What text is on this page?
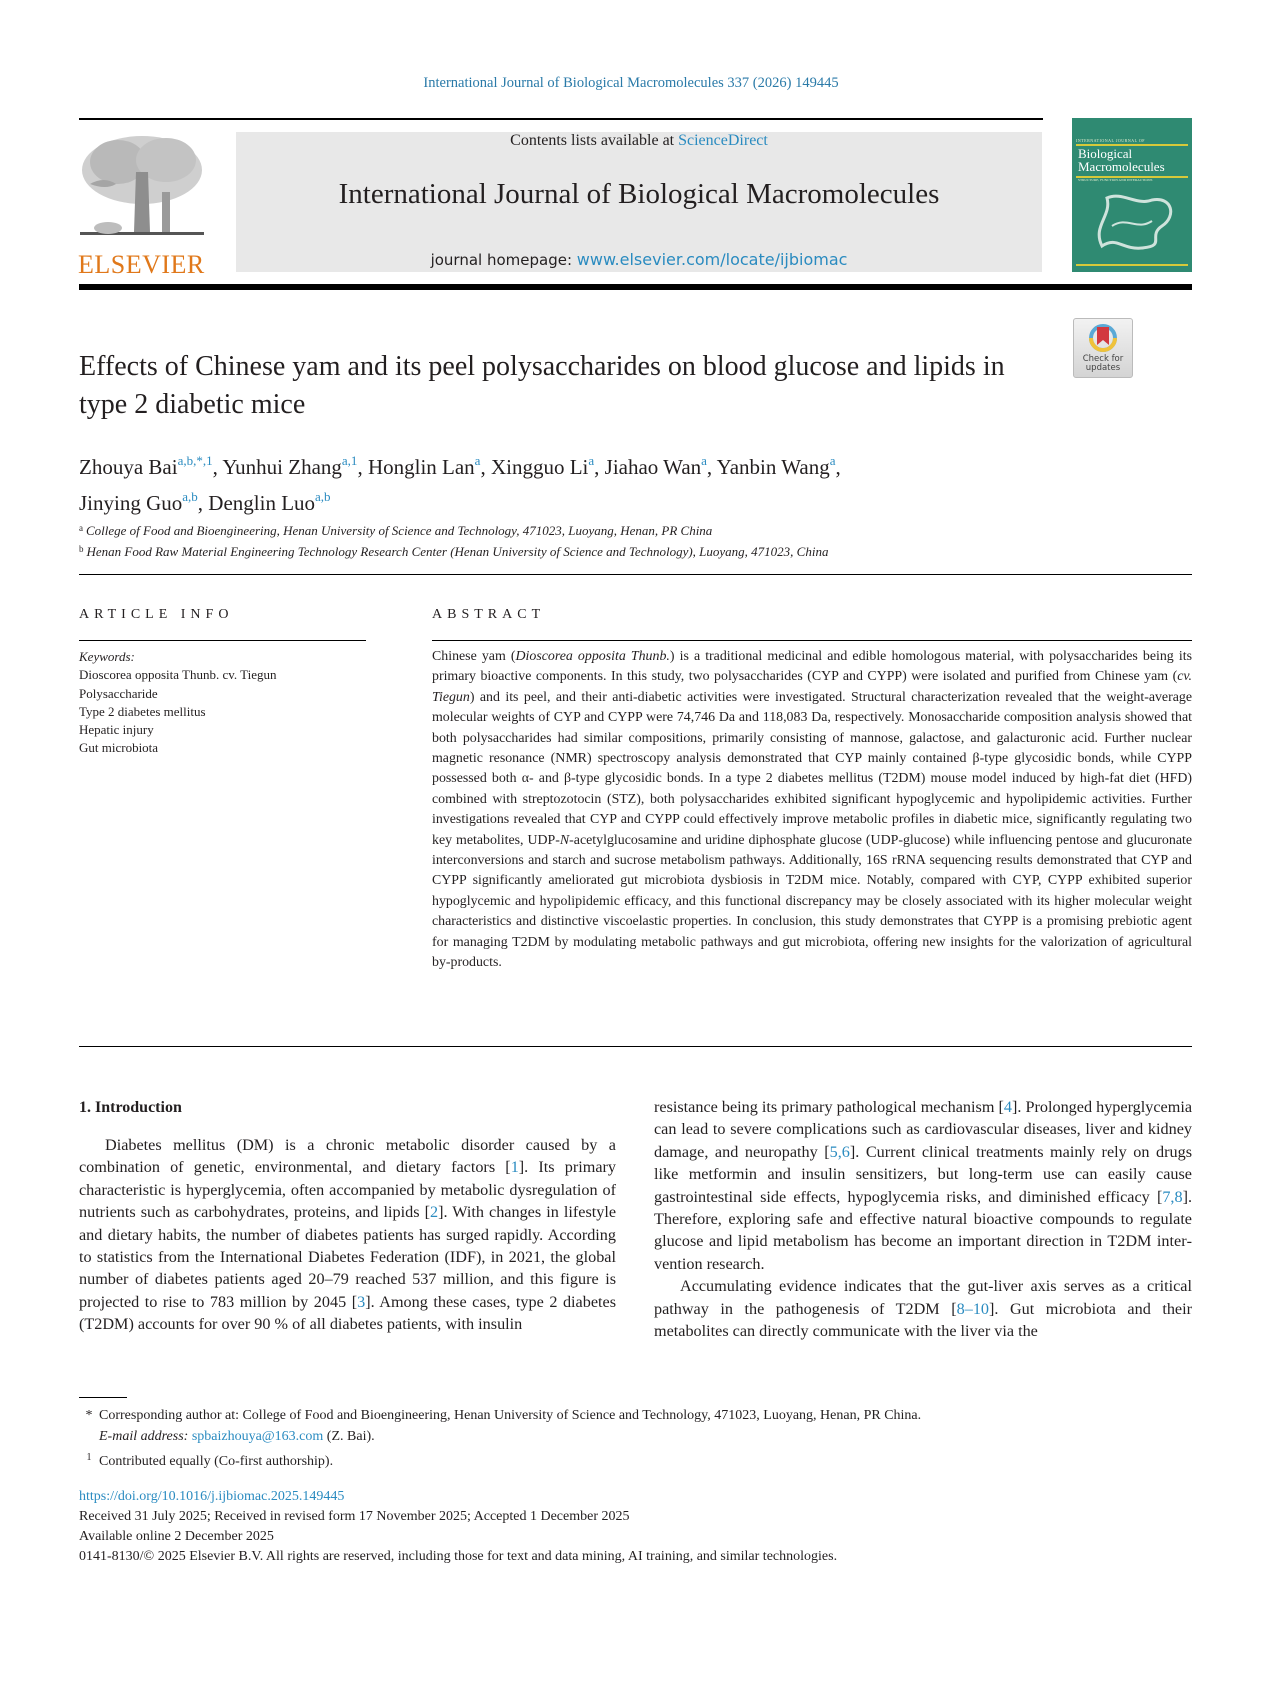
International Journal of Biological Macromolecules 337 (2026) 149445
ELSEVIER
Contents lists available at ScienceDirect
International Journal of Biological Macromolecules
journal homepage: www.elsevier.com/locate/ijbiomac
INTERNATIONAL JOURNAL OF
Biological
Macromolecules
STRUCTURE, FUNCTION AND INTERACTIONS
Effects of Chinese yam and its peel polysaccharides on blood glucose and lipids in type 2 diabetic mice
Check for
updates
Zhouya Bai$^{a,b,*,1}$, Yunhui Zhang$^{a,1}$, Honglin Lan$^a$, Xingguo Li$^a$, Jiahao Wan$^a$, Yanbin Wang$^a$,
Jinying Guo$^{a,b}$, Denglin Luo$^{a,b}$
$^a$ College of Food and Bioengineering, Henan University of Science and Technology, 471023, Luoyang, Henan, PR China
$^b$ Henan Food Raw Material Engineering Technology Research Center (Henan University of Science and Technology), Luoyang, 471023, China
ARTICLE INFO	ABSTRACT
Keywords:
Dioscorea opposita Thunb. cv. Tiegun
Polysaccharide
Type 2 diabetes mellitus
Hepatic injury
Gut microbiota
Chinese yam (Dioscorea opposita Thunb.) is a traditional medicinal and edible homologous material, with polysaccharides being its primary bioactive components. In this study, two polysaccharides (CYP and CYPP) were isolated and purified from Chinese yam (cv. Tiegun) and its peel, and their anti-diabetic activities were investigated. Structural characterization revealed that the weight-average molecular weights of CYP and CYPP were 74,746 Da and 118,083 Da, respectively. Monosaccharide composition analysis showed that both polysaccharides had similar compositions, primarily consisting of mannose, galactose, and galacturonic acid. Further nuclear magnetic resonance (NMR) spectroscopy analysis demonstrated that CYP mainly contained β-type glycosidic bonds, while CYPP possessed both α- and β-type glycosidic bonds. In a type 2 diabetes mellitus (T2DM) mouse model induced by high-fat diet (HFD) combined with streptozotocin (STZ), both polysaccharides exhibited significant hypoglycemic and hypolipidemic activities. Further investigations revealed that CYP and CYPP could effectively improve metabolic profiles in diabetic mice, significantly regulating two key metabolites, UDP-N-acetylglucosamine and uridine diphosphate glucose (UDP-glucose) while influencing pentose and glucuronate interconversions and starch and sucrose metabolism pathways. Additionally, 16S rRNA sequencing results demonstrated that CYP and CYPP significantly ameliorated gut microbiota dysbiosis in T2DM mice. Notably, compared with CYP, CYPP exhibited superior hypoglycemic and hypolipidemic efficacy, and this functional discrepancy may be closely associated with its higher molecular weight characteristics and distinctive viscoelastic properties. In conclusion, this study demonstrates that CYPP is a promising prebiotic agent for managing T2DM by modulating metabolic pathways and gut microbiota, offering new insights for the valorization of agricultural by-products.
1. Introduction

Diabetes mellitus (DM) is a chronic metabolic disorder caused by a combination of genetic, environmental, and dietary factors [1]. Its primary characteristic is hyperglycemia, often accompanied by metabolic dysregulation of nutrients such as carbohydrates, proteins, and lipids [2]. With changes in lifestyle and dietary habits, the number of diabetes patients has surged rapidly. According to statistics from the International Diabetes Federation (IDF), in 2021, the global number of diabetes patients aged 20–79 reached 537 million, and this figure is projected to rise to 783 million by 2045 [3]. Among these cases, type 2 diabetes (T2DM) accounts for over 90 % of all diabetes patients, with insulin

resistance being its primary pathological mechanism [4]. Prolonged hyperglycemia can lead to severe complications such as cardiovascular diseases, liver and kidney damage, and neuropathy [5,6]. Current clinical treatments mainly rely on drugs like metformin and insulin sensitizers, but long-term use can easily cause gastrointestinal side effects, hypoglycemia risks, and diminished efficacy [7,8]. Therefore, exploring safe and effective natural bioactive compounds to regulate glucose and lipid metabolism has become an important direction in T2DM intervention research.

Accumulating evidence indicates that the gut-liver axis serves as a critical pathway in the pathogenesis of T2DM [8–10]. Gut microbiota and their metabolites can directly communicate with the liver via the

* Corresponding author at: College of Food and Bioengineering, Henan University of Science and Technology, 471023, Luoyang, Henan, PR China.
E-mail address: spbaizhouya@163.com (Z. Bai).
1 Contributed equally (Co-first authorship).
https://doi.org/10.1016/j.ijbiomac.2025.149445
Received 31 July 2025; Received in revised form 17 November 2025; Accepted 1 December 2025
Available online 2 December 2025
0141-8130/© 2025 Elsevier B.V. All rights are reserved, including those for text and data mining, AI training, and similar technologies.
